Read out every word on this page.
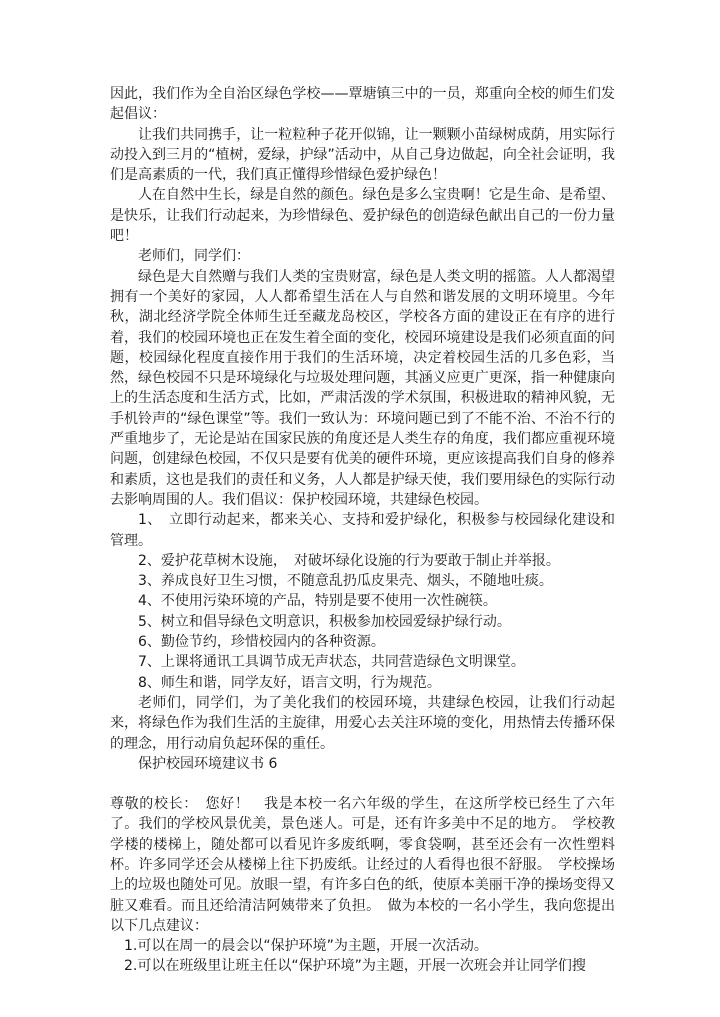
因此，我们作为全自治区绿色学校——覃塘镇三中的一员，郑重向全校的师生们发起倡议：

让我们共同携手，让一粒粒种子花开似锦，让一颗颗小苗绿树成荫，用实际行动投入到三月的“植树，爱绿，护绿”活动中，从自己身边做起，向全社会证明，我们是高素质的一代，我们真正懂得珍惜绿色爱护绿色！

人在自然中生长，绿是自然的颜色。绿色是多么宝贵啊！它是生命、是希望、是快乐，让我们行动起来，为珍惜绿色、爱护绿色的创造绿色献出自己的一份力量吧！

老师们，同学们：

绿色是大自然赠与我们人类的宝贵财富，绿色是人类文明的摇篮。人人都渴望拥有一个美好的家园，人人都希望生活在人与自然和谐发展的文明环境里。今年秋，湖北经济学院全体师生迁至藏龙岛校区，学校各方面的建设正在有序的进行着，我们的校园环境也正在发生着全面的变化，校园环境建设是我们必须直面的问题，校园绿化程度直接作用于我们的生活环境，决定着校园生活的几多色彩，当然，绿色校园不只是环境绿化与垃圾处理问题，其涵义应更广更深，指一种健康向上的生活态度和生活方式，比如，严肃活泼的学术氛围，积极进取的精神风貌，无手机铃声的“绿色课堂”等。我们一致认为：环境问题已到了不能不治、不治不行的严重地步了，无论是站在国家民族的角度还是人类生存的角度，我们都应重视环境问题，创建绿色校园，不仅只是要有优美的硬件环境，更应该提高我们自身的修养和素质，这也是我们的责任和义务，人人都是护绿天使，我们要用绿色的实际行动去影响周围的人。我们倡议：保护校园环境，共建绿色校园。

1、　立即行动起来，都来关心、支持和爱护绿化，积极参与校园绿化建设和管理。

2、爱护花草树木设施，　对破坏绿化设施的行为要敢于制止并举报。

3、养成良好卫生习惯，不随意乱扔瓜皮果壳、烟头，不随地吐痰。

4、不使用污染环境的产品，特别是要不使用一次性碗筷。

5、树立和倡导绿色文明意识，积极参加校园爱绿护绿行动。

6、勤俭节约，珍惜校园内的各种资源。

7、上课将通讯工具调节成无声状态，共同营造绿色文明课堂。

8、师生和谐，同学友好，语言文明，行为规范。

老师们，同学们，为了美化我们的校园环境，共建绿色校园，让我们行动起来，将绿色作为我们生活的主旋律，用爱心去关注环境的变化，用热情去传播环保的理念，用行动肩负起环保的重任。

保护校园环境建议书 6

尊敬的校长：　您好！　我是本校一名六年级的学生，在这所学校已经生了六年了。我们的学校风景优美，景色迷人。可是，还有许多美中不足的地方。　学校教学楼的楼梯上，随处都可以看见许多废纸啊，零食袋啊，甚至还会有一次性塑料杯。许多同学还会从楼梯上往下扔废纸。让经过的人看得也很不舒服。　学校操场上的垃圾也随处可见。放眼一望，有许多白色的纸，使原本美丽干净的操场变得又脏又难看。而且还给清洁阿姨带来了负担。　做为本校的一名小学生，我向您提出以下几点建议：

1.可以在周一的晨会以“保护环境”为主题，开展一次活动。

2.可以在班级里让班主任以“保护环境”为主题，开展一次班会并让同学们搜
